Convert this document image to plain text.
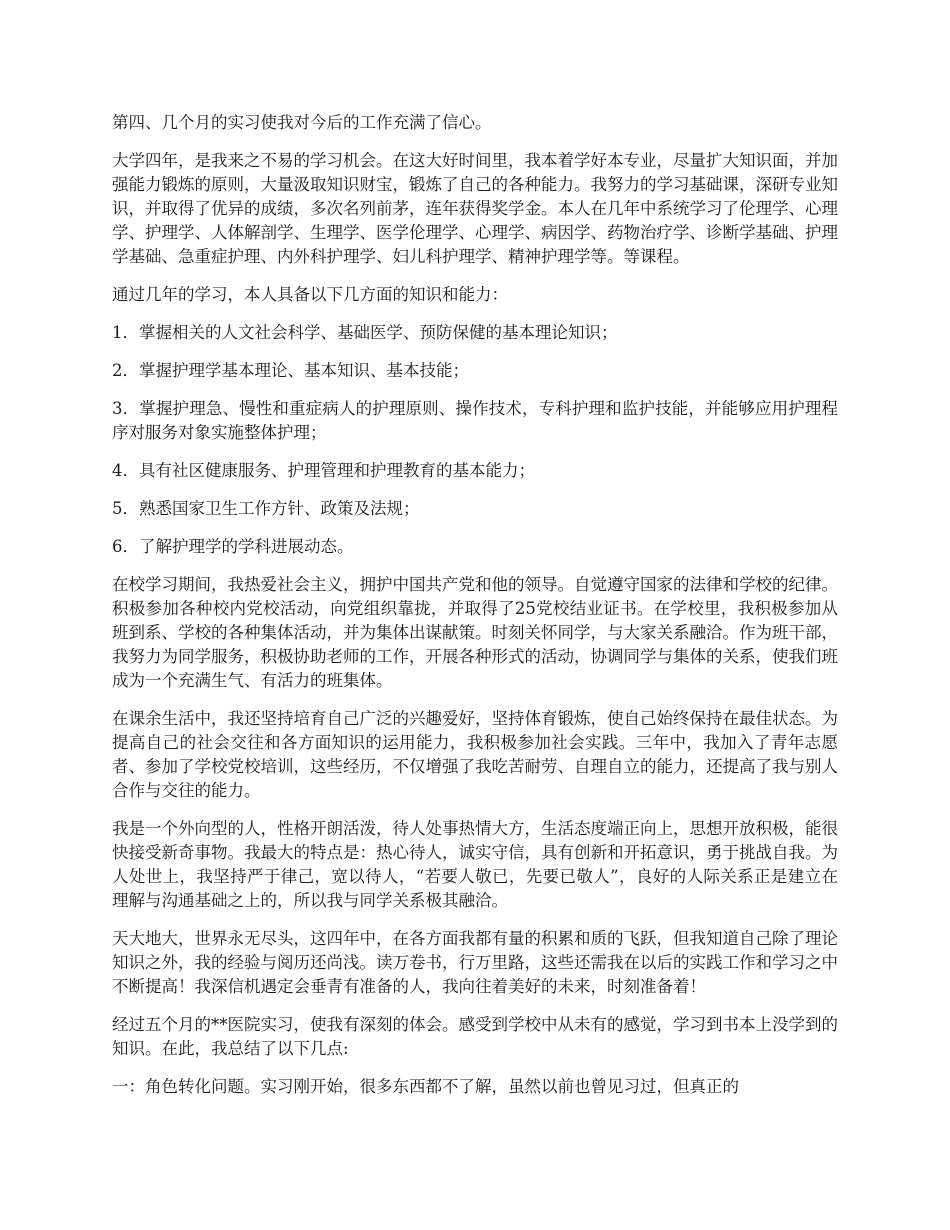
第四、几个月的实习使我对今后的工作充满了信心。

大学四年，是我来之不易的学习机会。在这大好时间里，我本着学好本专业，尽量扩大知识面，并加强能力锻炼的原则，大量汲取知识财宝，锻炼了自己的各种能力。我努力的学习基础课，深研专业知识，并取得了优异的成绩，多次名列前茅，连年获得奖学金。本人在几年中系统学习了伦理学、心理学、护理学、人体解剖学、生理学、医学伦理学、心理学、病因学、药物治疗学、诊断学基础、护理学基础、急重症护理、内外科护理学、妇儿科护理学、精神护理学等。等课程。

通过几年的学习，本人具备以下几方面的知识和能力：

1．掌握相关的人文社会科学、基础医学、预防保健的基本理论知识；

2．掌握护理学基本理论、基本知识、基本技能；

3．掌握护理急、慢性和重症病人的护理原则、操作技术，专科护理和监护技能，并能够应用护理程序对服务对象实施整体护理；

4．具有社区健康服务、护理管理和护理教育的基本能力；

5．熟悉国家卫生工作方针、政策及法规；

6．了解护理学的学科进展动态。

在校学习期间，我热爱社会主义，拥护中国共产党和他的领导。自觉遵守国家的法律和学校的纪律。积极参加各种校内党校活动，向党组织靠拢，并取得了25党校结业证书。在学校里，我积极参加从班到系、学校的各种集体活动，并为集体出谋献策。时刻关怀同学，与大家关系融洽。作为班干部，我努力为同学服务，积极协助老师的工作，开展各种形式的活动，协调同学与集体的关系，使我们班成为一个充满生气、有活力的班集体。

在课余生活中，我还坚持培育自己广泛的兴趣爱好，坚持体育锻炼，使自己始终保持在最佳状态。为提高自己的社会交往和各方面知识的运用能力，我积极参加社会实践。三年中，我加入了青年志愿者、参加了学校党校培训，这些经历，不仅增强了我吃苦耐劳、自理自立的能力，还提高了我与别人合作与交往的能力。

我是一个外向型的人，性格开朗活泼，待人处事热情大方，生活态度端正向上，思想开放积极，能很快接受新奇事物。我最大的特点是：热心待人，诚实守信，具有创新和开拓意识，勇于挑战自我。为人处世上，我坚持严于律己，宽以待人，“若要人敬已，先要已敬人”，良好的人际关系正是建立在理解与沟通基础之上的，所以我与同学关系极其融洽。

天大地大，世界永无尽头，这四年中，在各方面我都有量的积累和质的飞跃，但我知道自己除了理论知识之外，我的经验与阅历还尚浅。读万卷书，行万里路，这些还需我在以后的实践工作和学习之中不断提高！我深信机遇定会垂青有准备的人，我向往着美好的未来，时刻准备着！

经过五个月的**医院实习，使我有深刻的体会。感受到学校中从未有的感觉，学习到书本上没学到的知识。在此，我总结了以下几点:

一：角色转化问题。实习刚开始，很多东西都不了解，虽然以前也曾见习过，但真正的
